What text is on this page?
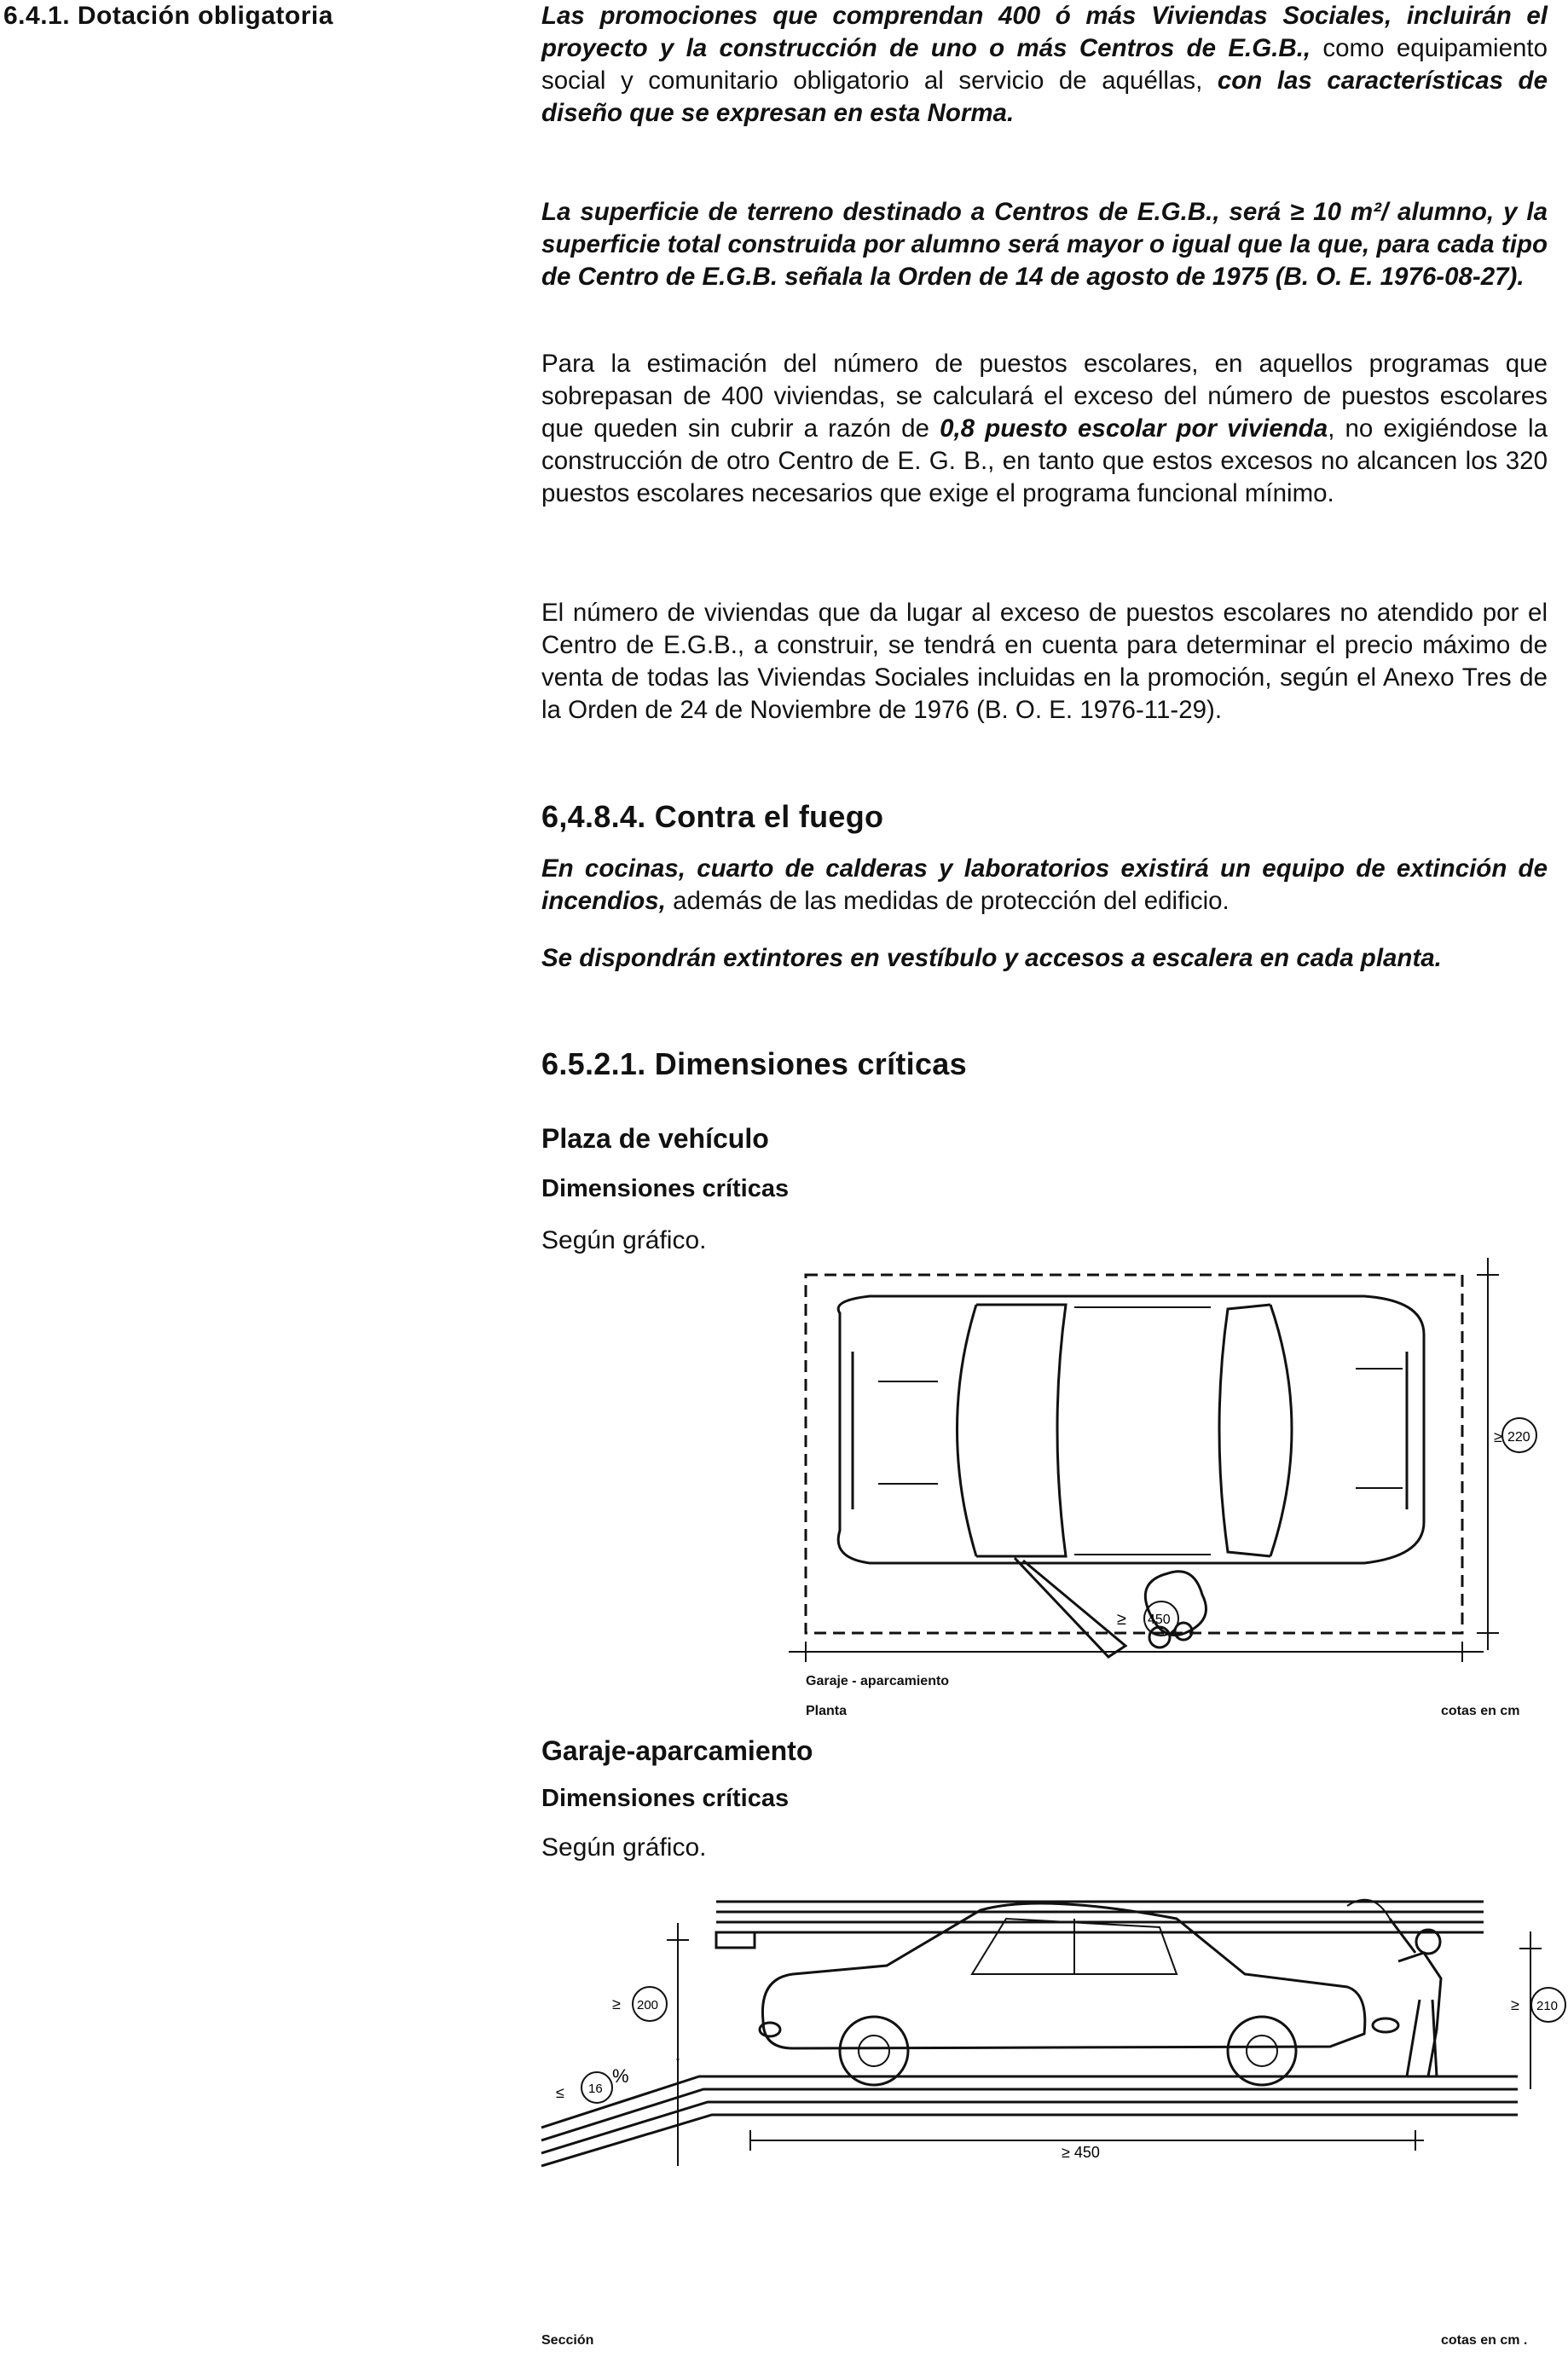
6.4.1. Dotación obligatoria	Las promociones que comprendan 400 ó más Viviendas Sociales, incluirán el proyecto y la construcción de uno o más Centros de E.G.B., como equipamiento social y comunitario obligatorio al servicio de aquéllas, con las características de diseño que se expresan en esta Norma.

La superficie de terreno destinado a Centros de E.G.B., será ≥ 10 m²/ alumno, y la superficie total construida por alumno será mayor o igual que la que, para cada tipo de Centro de E.G.B. señala la Orden de 14 de agosto de 1975 (B. O. E. 1976-08-27).

Para la estimación del número de puestos escolares, en aquellos programas que sobrepasan de 400 viviendas, se calculará el exceso del número de puestos escolares que queden sin cubrir a razón de 0,8 puesto escolar por vivienda, no exigiéndose la construcción de otro Centro de E. G. B., en tanto que estos excesos no alcancen los 320 puestos escolares necesarios que exige el programa funcional mínimo.

El número de viviendas que da lugar al exceso de puestos escolares no atendido por el Centro de E.G.B., a construir, se tendrá en cuenta para determinar el precio máximo de venta de todas las Viviendas Sociales incluidas en la promoción, según el Anexo Tres de la Orden de 24 de Noviembre de 1976 (B. O. E. 1976-11-29).

6,4.8.4. Contra el fuego

En cocinas, cuarto de calderas y laboratorios existirá un equipo de extinción de incendios, además de las medidas de protección del edificio.

Se dispondrán extintores en vestíbulo y accesos a escalera en cada planta.

6.5.2.1. Dimensiones críticas
Plaza de vehículo
Dimensiones críticas
Según gráfico.
≥ 220
≥ 450
Garaje - aparcamiento
Planta	cotas en cm
Garaje-aparcamiento
Dimensiones críticas
Según gráfico.
≥ 200	≥ 210
≤ 16
%
≥ 450
Sección	cotas en cm .
